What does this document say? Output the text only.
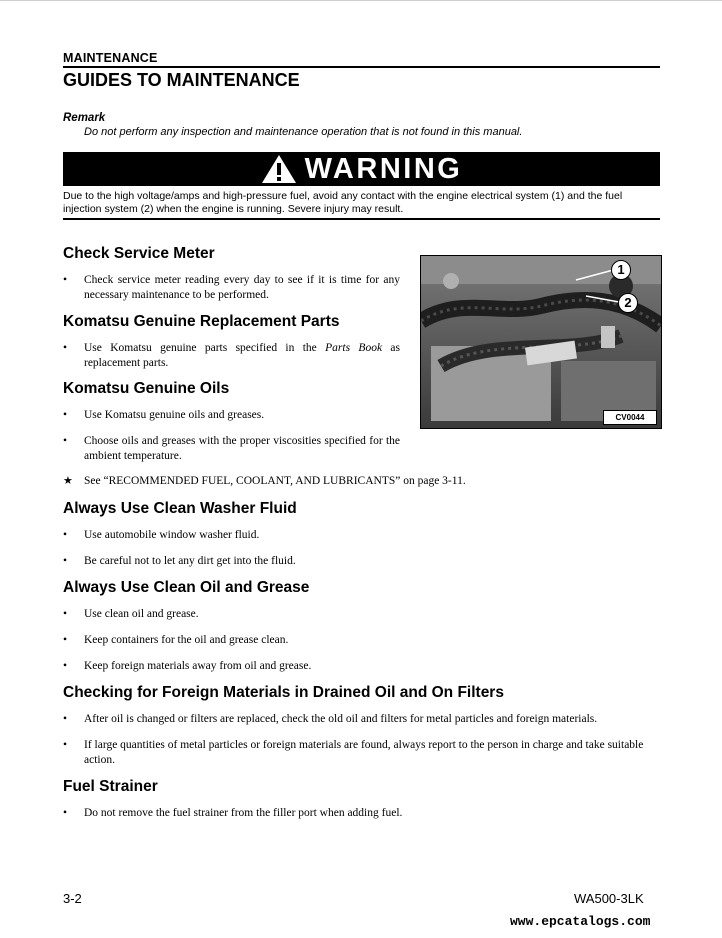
MAINTENANCE
GUIDES TO MAINTENANCE
Remark
Do not perform any inspection and maintenance operation that is not found in this manual.
WARNING
Due to the high voltage/amps and high-pressure fuel, avoid any contact with the engine electrical system (1) and the fuel injection system (2) when the engine is running. Severe injury may result.
Check Service Meter
• Check service meter reading every day to see if it is time for any necessary maintenance to be performed.
Komatsu Genuine Replacement Parts
• Use Komatsu genuine parts specified in the Parts Book as replacement parts.
Komatsu Genuine Oils
• Use Komatsu genuine oils and greases.
• Choose oils and greases with the proper viscosities specified for the ambient temperature.
★ See “RECOMMENDED FUEL, COOLANT, AND LUBRICANTS” on page 3-11.
Always Use Clean Washer Fluid
• Use automobile window washer fluid.
• Be careful not to let any dirt get into the fluid.
Always Use Clean Oil and Grease
• Use clean oil and grease.
• Keep containers for the oil and grease clean.
• Keep foreign materials away from oil and grease.
Checking for Foreign Materials in Drained Oil and On Filters
• After oil is changed or filters are replaced, check the old oil and filters for metal particles and foreign materials.
• If large quantities of metal particles or foreign materials are found, always report to the person in charge and take suitable action.
Fuel Strainer
• Do not remove the fuel strainer from the filler port when adding fuel.
1
2
CV0044
3-2	WA500-3LK
www.epcatalogs.com
